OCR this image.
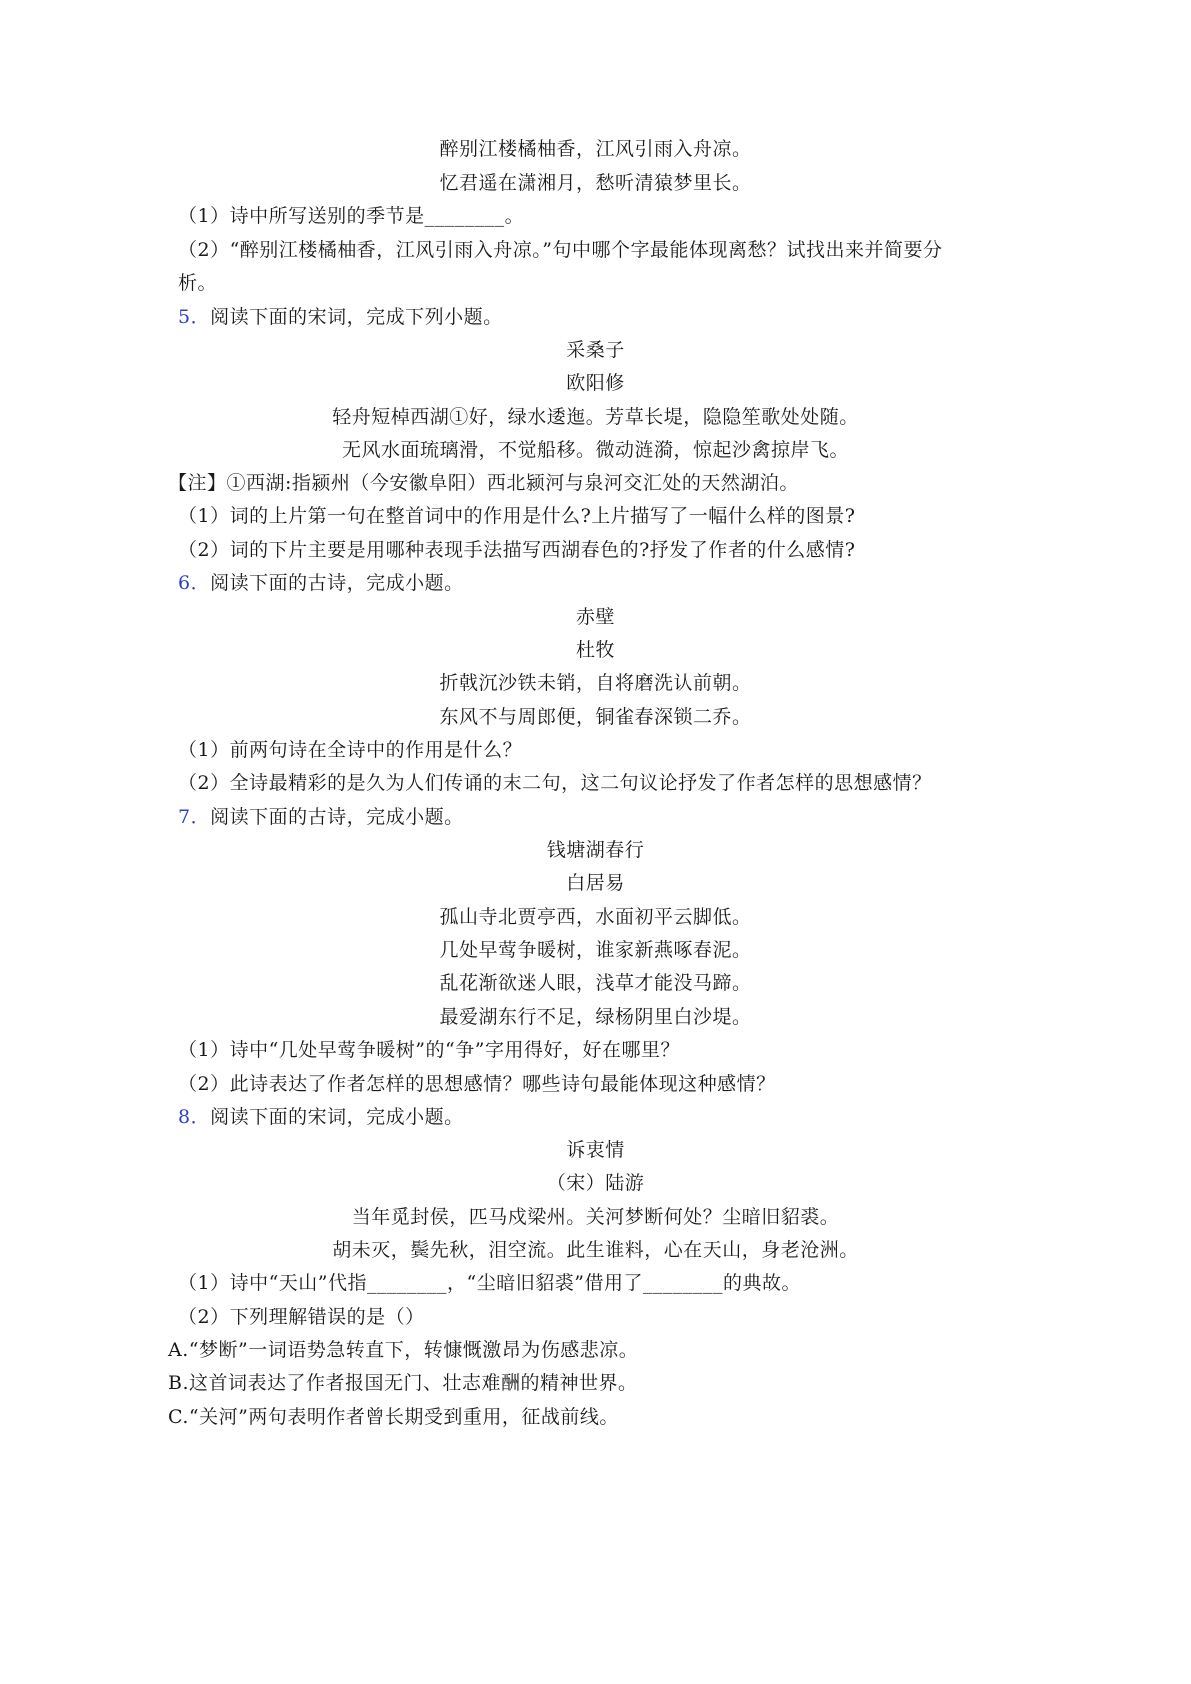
醉别江楼橘柚香，江风引雨入舟凉。
忆君遥在潇湘月，愁听清猿梦里长。
（1）诗中所写送别的季节是________。
（2）“醉别江楼橘柚香，江风引雨入舟凉。”句中哪个字最能体现离愁？试找出来并简要分
析。
5．阅读下面的宋词，完成下列小题。
采桑子
欧阳修
轻舟短棹西湖①好，绿水逶迤。芳草长堤，隐隐笙歌处处随。
无风水面琉璃滑，不觉船移。微动涟漪，惊起沙禽掠岸飞。
【注】①西湖:指颍州（今安徽阜阳）西北颍河与泉河交汇处的天然湖泊。
（1）词的上片第一句在整首词中的作用是什么?上片描写了一幅什么样的图景?
（2）词的下片主要是用哪种表现手法描写西湖春色的?抒发了作者的什么感情?
6．阅读下面的古诗，完成小题。
赤壁
杜牧
折戟沉沙铁未销，自将磨洗认前朝。
东风不与周郎便，铜雀春深锁二乔。
（1）前两句诗在全诗中的作用是什么？
（2）全诗最精彩的是久为人们传诵的末二句，这二句议论抒发了作者怎样的思想感情？
7．阅读下面的古诗，完成小题。
钱塘湖春行
白居易
孤山寺北贾亭西，水面初平云脚低。
几处早莺争暖树，谁家新燕啄春泥。
乱花渐欲迷人眼，浅草才能没马蹄。
最爱湖东行不足，绿杨阴里白沙堤。
（1）诗中“几处早莺争暖树”的“争”字用得好，好在哪里？
（2）此诗表达了作者怎样的思想感情？哪些诗句最能体现这种感情？
8．阅读下面的宋词，完成小题。
诉衷情
（宋）陆游
当年觅封侯，匹马戍梁州。关河梦断何处？尘暗旧貂裘。
胡未灭，鬓先秋，泪空流。此生谁料，心在天山，身老沧洲。
（1）诗中“天山”代指________，“尘暗旧貂裘”借用了________的典故。
（2）下列理解错误的是（）
A.“梦断”一词语势急转直下，转慷慨激昂为伤感悲凉。
B.这首词表达了作者报国无门、壮志难酬的精神世界。
C.“关河”两句表明作者曾长期受到重用，征战前线。
